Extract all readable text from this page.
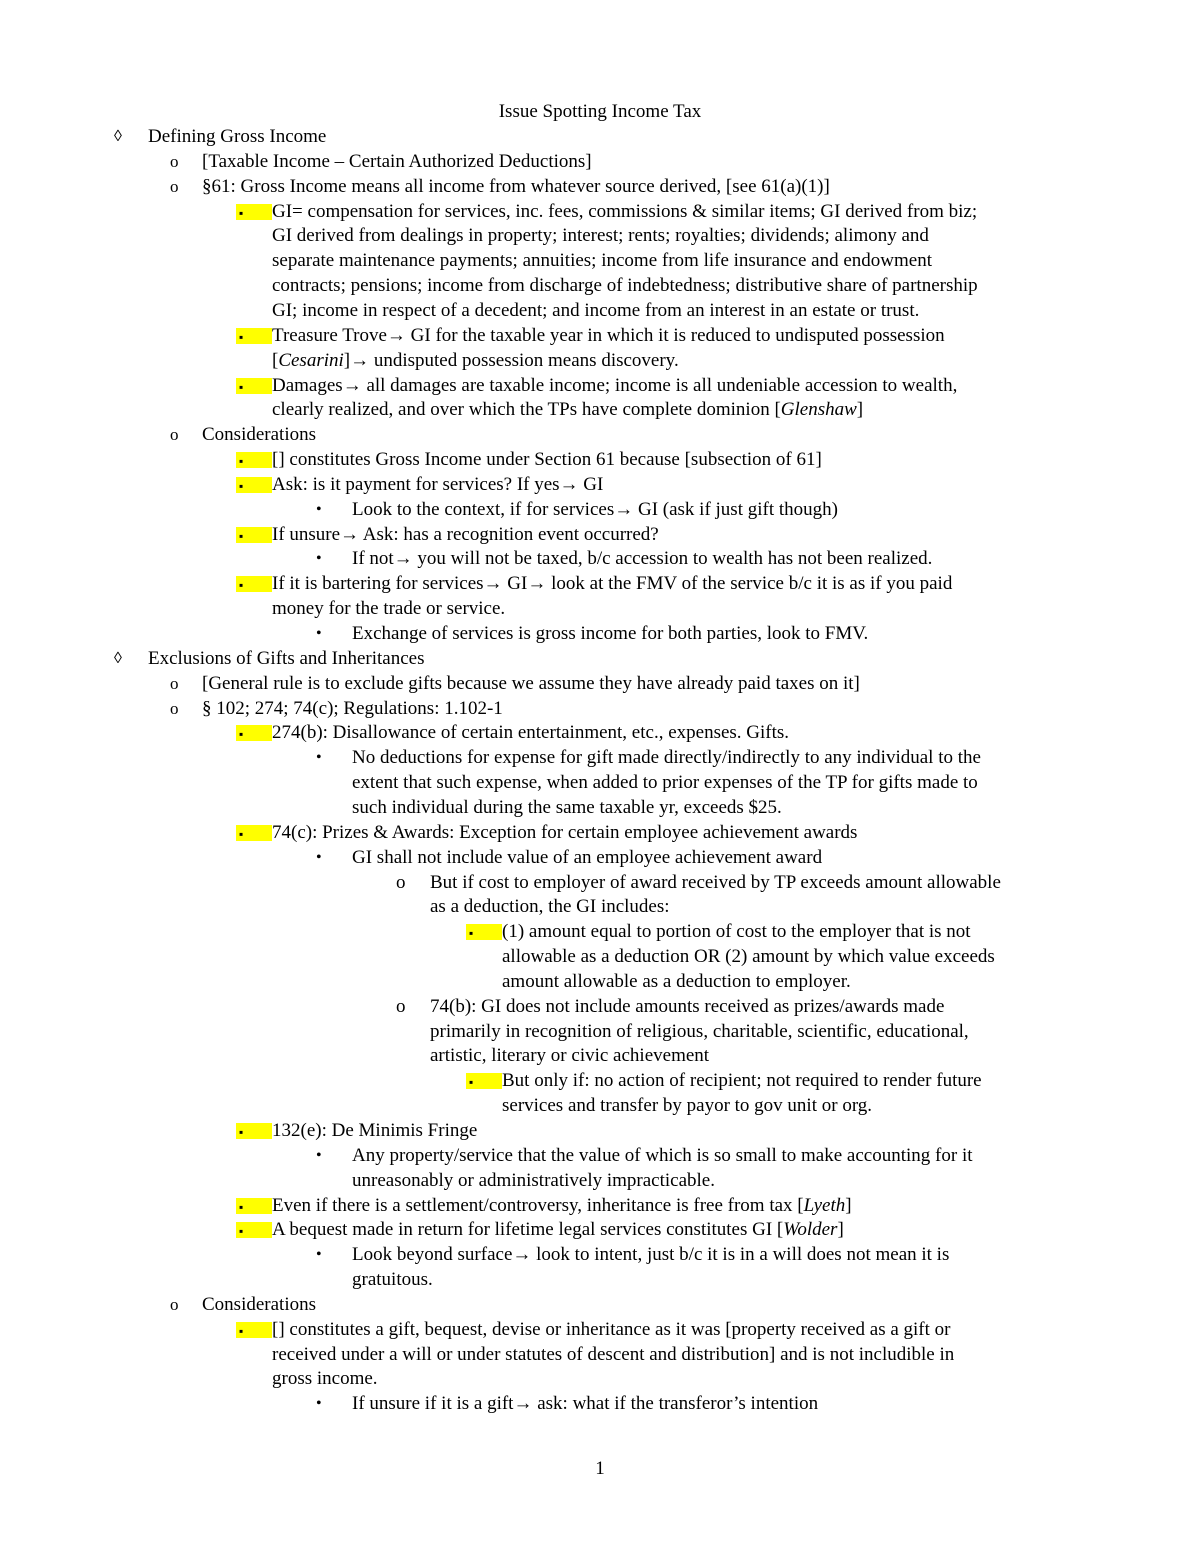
Issue Spotting Income Tax
◊ Defining Gross Income
o [Taxable Income – Certain Authorized Deductions]
o §61: Gross Income means all income from whatever source derived, [see 61(a)(1)]
▪ GI= compensation for services, inc. fees, commissions & similar items; GI derived from biz;
GI derived from dealings in property; interest; rents; royalties; dividends; alimony and
separate maintenance payments; annuities; income from life insurance and endowment
contracts; pensions; income from discharge of indebtedness; distributive share of partnership
GI; income in respect of a decedent; and income from an interest in an estate or trust.
▪ Treasure Trove→ GI for the taxable year in which it is reduced to undisputed possession
[Cesarini]→ undisputed possession means discovery.
▪ Damages→ all damages are taxable income; income is all undeniable accession to wealth,
clearly realized, and over which the TPs have complete dominion [Glenshaw]
o Considerations
▪ [] constitutes Gross Income under Section 61 because [subsection of 61]
▪ Ask: is it payment for services? If yes→ GI
• Look to the context, if for services→ GI (ask if just gift though)
▪ If unsure→ Ask: has a recognition event occurred?
• If not→ you will not be taxed, b/c accession to wealth has not been realized.
▪ If it is bartering for services→ GI→ look at the FMV of the service b/c it is as if you paid
money for the trade or service.
• Exchange of services is gross income for both parties, look to FMV.
◊ Exclusions of Gifts and Inheritances
o [General rule is to exclude gifts because we assume they have already paid taxes on it]
o § 102; 274; 74(c); Regulations: 1.102-1
▪ 274(b): Disallowance of certain entertainment, etc., expenses. Gifts.
• No deductions for expense for gift made directly/indirectly to any individual to the
extent that such expense, when added to prior expenses of the TP for gifts made to
such individual during the same taxable yr, exceeds $25.
▪ 74(c): Prizes & Awards: Exception for certain employee achievement awards
• GI shall not include value of an employee achievement award
o But if cost to employer of award received by TP exceeds amount allowable
as a deduction, the GI includes:
▪ (1) amount equal to portion of cost to the employer that is not
allowable as a deduction OR (2) amount by which value exceeds
amount allowable as a deduction to employer.
o 74(b): GI does not include amounts received as prizes/awards made
primarily in recognition of religious, charitable, scientific, educational,
artistic, literary or civic achievement
▪ But only if: no action of recipient; not required to render future
services and transfer by payor to gov unit or org.
▪ 132(e): De Minimis Fringe
• Any property/service that the value of which is so small to make accounting for it
unreasonably or administratively impracticable.
▪ Even if there is a settlement/controversy, inheritance is free from tax [Lyeth]
▪ A bequest made in return for lifetime legal services constitutes GI [Wolder]
• Look beyond surface→ look to intent, just b/c it is in a will does not mean it is
gratuitous.
o Considerations
▪ [] constitutes a gift, bequest, devise or inheritance as it was [property received as a gift or
received under a will or under statutes of descent and distribution] and is not includible in
gross income.
• If unsure if it is a gift→ ask: what if the transferor’s intention
1
